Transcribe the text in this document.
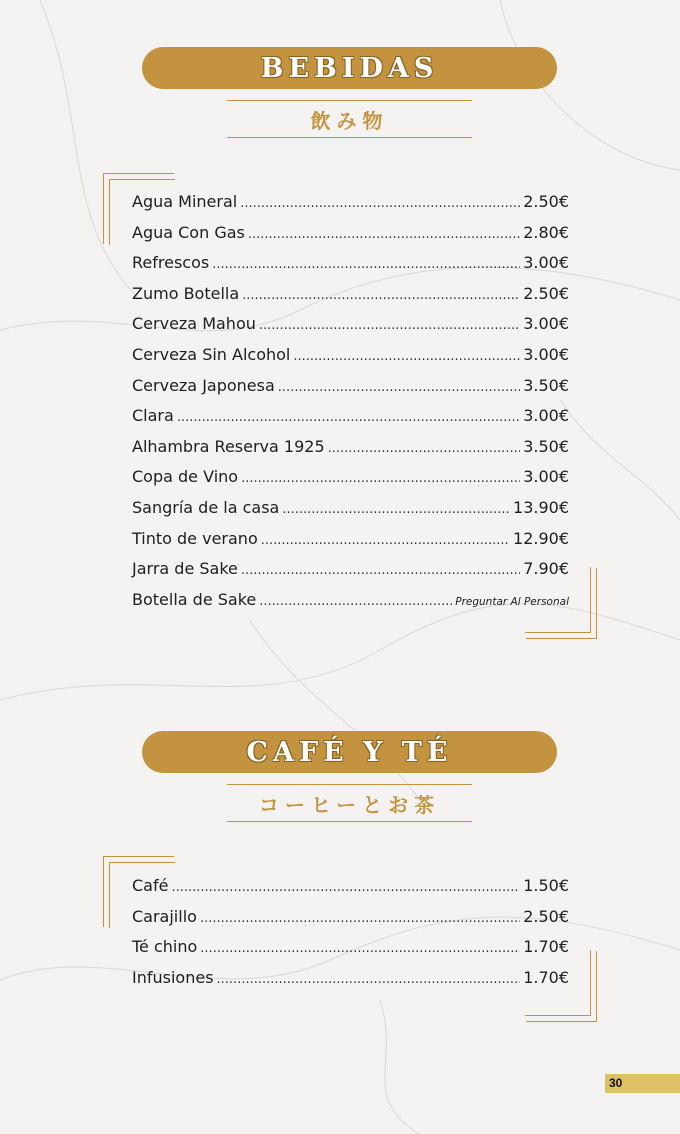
BEBIDAS
飲み物
Agua Mineral .....	2.50€
Agua Con Gas .....	2.80€
Refrescos .....	3.00€
Zumo Botella .....	2.50€
Cerveza Mahou .....	3.00€
Cerveza Sin Alcohol .....	3.00€
Cerveza Japonesa .....	3.50€
Clara .....	3.00€
Alhambra Reserva 1925 .....	3.50€
Copa de Vino .....	3.00€
Sangría de la casa .....	13.90€
Tinto de verano .....	12.90€
Jarra de Sake .....	7.90€
Botella de Sake .....	Preguntar Al Personal
CAFÉ Y TÉ
コーヒーとお茶
Café .....	1.50€
Carajillo .....	2.50€
Té chino .....	1.70€
Infusiones .....	1.70€
30
